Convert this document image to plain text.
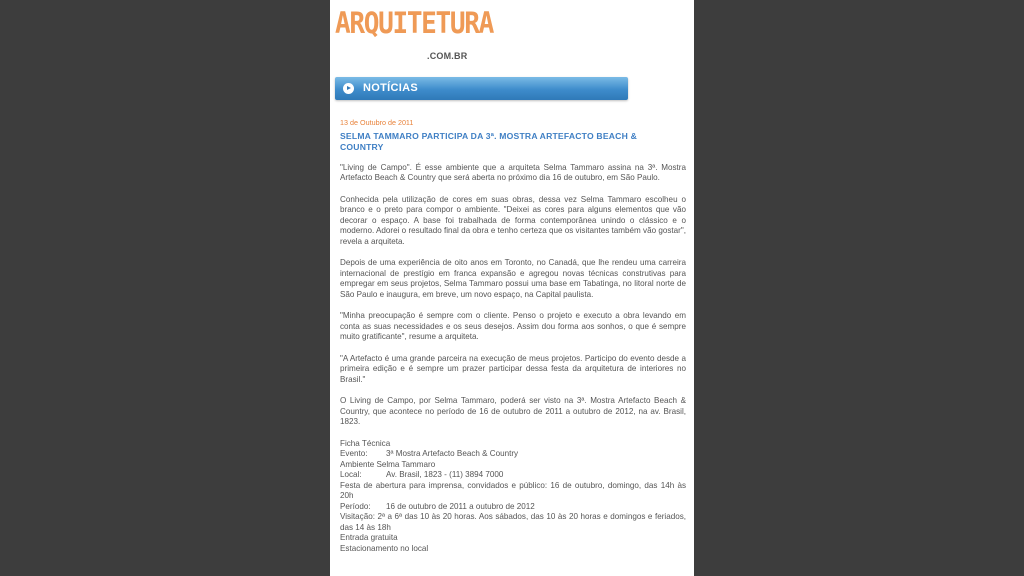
ARQUITETURA
.COM.BR
NOTÍCIAS
13 de Outubro de 2011
SELMA TAMMARO PARTICIPA DA 3ª. MOSTRA ARTEFACTO BEACH & COUNTRY

"Living de Campo". É esse ambiente que a arquiteta Selma Tammaro assina na 3ª. Mostra Artefacto Beach & Country que será aberta no próximo dia 16 de outubro, em São Paulo.

Conhecida pela utilização de cores em suas obras, dessa vez Selma Tammaro escolheu o branco e o preto para compor o ambiente. "Deixei as cores para alguns elementos que vão decorar o espaço. A base foi trabalhada de forma contemporânea unindo o clássico e o moderno. Adorei o resultado final da obra e tenho certeza que os visitantes também vão gostar", revela a arquiteta.

Depois de uma experiência de oito anos em Toronto, no Canadá, que lhe rendeu uma carreira internacional de prestígio em franca expansão e agregou novas técnicas construtivas para empregar em seus projetos, Selma Tammaro possui uma base em Tabatinga, no litoral norte de São Paulo e inaugura, em breve, um novo espaço, na Capital paulista.

"Minha preocupação é sempre com o cliente. Penso o projeto e executo a obra levando em conta as suas necessidades e os seus desejos. Assim dou forma aos sonhos, o que é sempre muito gratificante", resume a arquiteta.

"A Artefacto é uma grande parceira na execução de meus projetos. Participo do evento desde a primeira edição e é sempre um prazer participar dessa festa da arquitetura de interiores no Brasil."

O Living de Campo, por Selma Tammaro, poderá ser visto na 3ª. Mostra Artefacto Beach & Country, que acontece no período de 16 de outubro de 2011 a outubro de 2012, na av. Brasil, 1823.

Ficha Técnica

Evento: 3ª Mostra Artefacto Beach & Country

Ambiente Selma Tammaro

Local:	Av. Brasil, 1823 - (11) 3894 7000

Festa de abertura para imprensa, convidados e público: 16 de outubro, domingo, das 14h às 20h

Período: 16 de outubro de 2011 a outubro de 2012

Visitação: 2ª a 6ª das 10 às 20 horas. Aos sábados, das 10 às 20 horas e domingos e feriados, das 14 às 18h

Entrada gratuita

Estacionamento no local
